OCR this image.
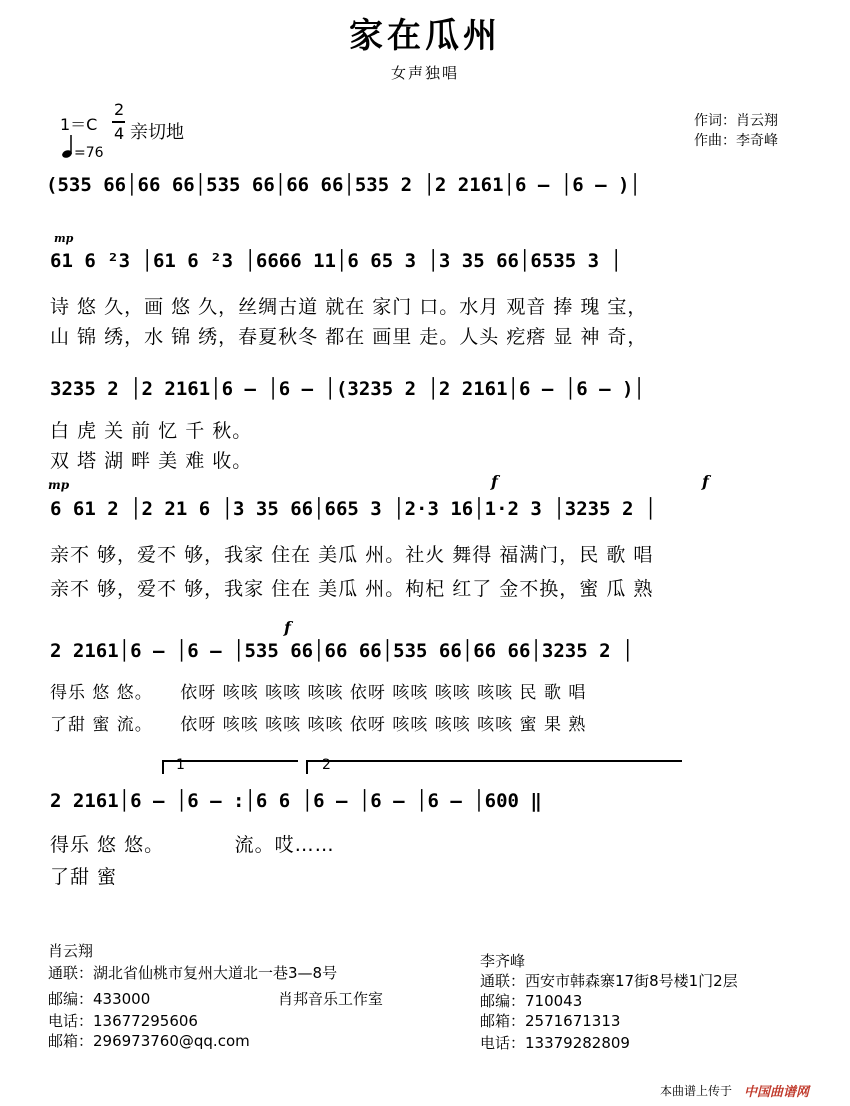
家在瓜州
女声独唱
1＝C
2
4 亲切地
=76
作词：肖云翔
作曲：李奇峰
(535 66│66 66│535 66│66 66│535 2 │2 2161│6 – │6 – )│
mp
61 6 ²3 │61 6 ²3 │6666 11│6 65 3 │3 35 66│6535 3 │
诗 悠 久，画 悠 久，丝绸古道 就在 家门 口。水月 观音 捧 瑰 宝，
山 锦 绣，水 锦 绣，春夏秋冬 都在 画里 走。人头 疙瘩 显 神 奇，
3235 2 │2 2161│6 – │6 – │(3235 2 │2 2161│6 – │6 – )│
白 虎 关 前 忆 千 秋。
双 塔 湖 畔 美 难 收。
mp	f	f
6 61 2 │2 21 6 │3 35 66│665 3 │2·3 16│1·2 3 │3235 2 │
亲不 够，爱不 够，我家 住在 美瓜 州。社火 舞得 福满门，民 歌 唱
亲不 够，爱不 够，我家 住在 美瓜 州。枸杞 红了 金不换，蜜 瓜 熟
f
2 2161│6 – │6 – │535 66│66 66│535 66│66 66│3235 2 │
得乐 悠 悠。　　依呀 咳咳 咳咳 咳咳 依呀 咳咳 咳咳 咳咳 民 歌 唱
了甜 蜜 流。　　依呀 咳咳 咳咳 咳咳 依呀 咳咳 咳咳 咳咳 蜜 果 熟
1	2
2 2161│6 – │6 – :│6 6 │6 – │6 – │6 – │600 ‖
得乐 悠 悠。　　　　流。哎……
了甜 蜜
肖云翔
通联：湖北省仙桃市复州大道北一巷3—8号
邮编：433000	肖邦音乐工作室
电话：13677295606
邮箱：296973760@qq.com
李齐峰
通联：西安市韩森寨17街8号楼1门2层
邮编：710043
邮箱：2571671313
电话：13379282809
本曲谱上传于 中国曲谱网
